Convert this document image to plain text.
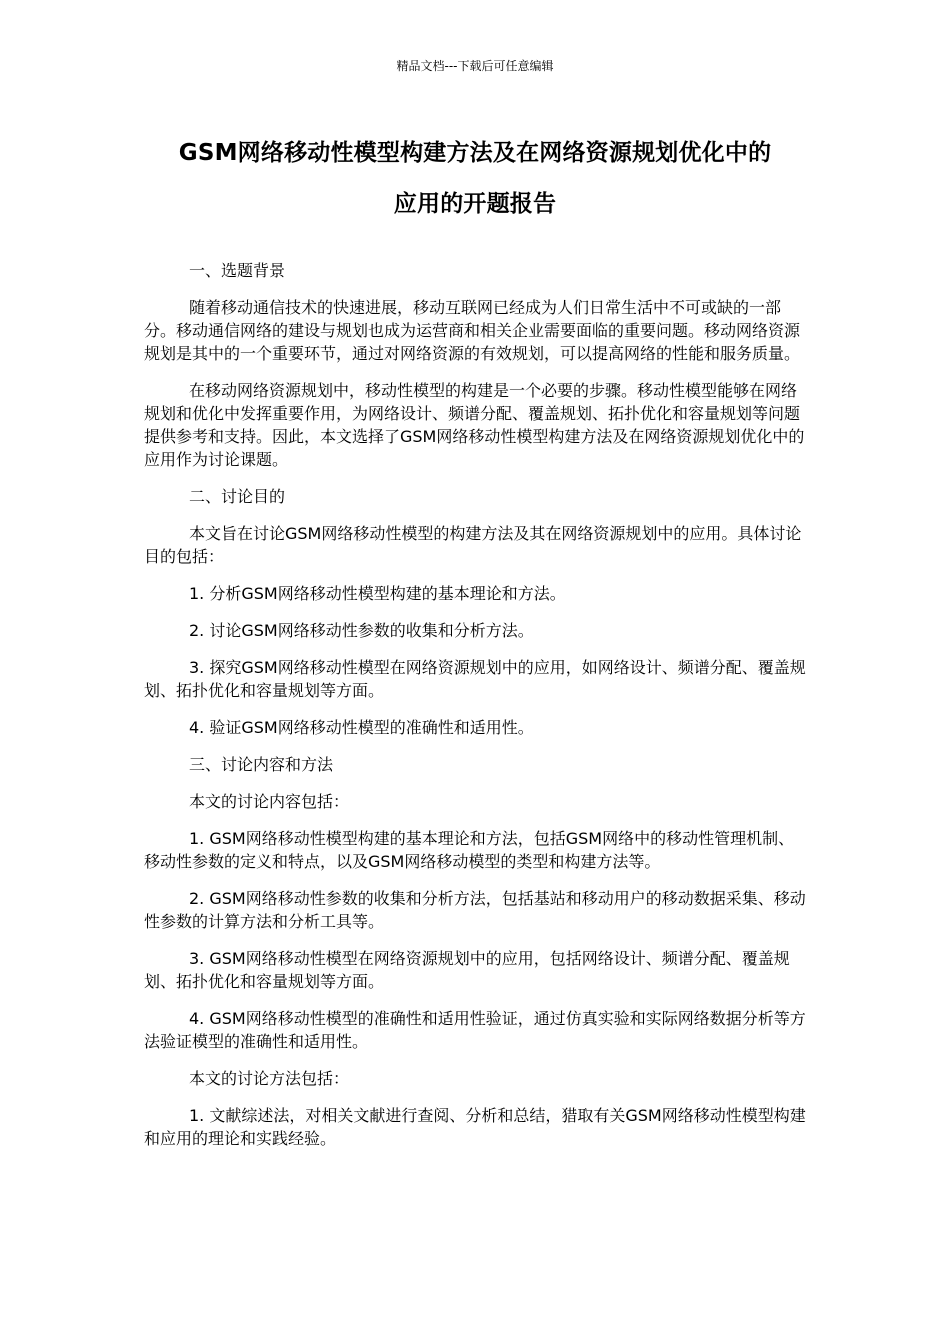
精品文档---下载后可任意编辑
GSM网络移动性模型构建方法及在网络资源规划优化中的
应用的开题报告

一、选题背景

随着移动通信技术的快速进展，移动互联网已经成为人们日常生活中不可或缺的一部分。移动通信网络的建设与规划也成为运营商和相关企业需要面临的重要问题。移动网络资源规划是其中的一个重要环节，通过对网络资源的有效规划，可以提高网络的性能和服务质量。

在移动网络资源规划中，移动性模型的构建是一个必要的步骤。移动性模型能够在网络规划和优化中发挥重要作用，为网络设计、频谱分配、覆盖规划、拓扑优化和容量规划等问题提供参考和支持。因此，本文选择了GSM网络移动性模型构建方法及在网络资源规划优化中的应用作为讨论课题。

二、讨论目的

本文旨在讨论GSM网络移动性模型的构建方法及其在网络资源规划中的应用。具体讨论目的包括：

1. 分析GSM网络移动性模型构建的基本理论和方法。

2. 讨论GSM网络移动性参数的收集和分析方法。

3. 探究GSM网络移动性模型在网络资源规划中的应用，如网络设计、频谱分配、覆盖规划、拓扑优化和容量规划等方面。

4. 验证GSM网络移动性模型的准确性和适用性。

三、讨论内容和方法

本文的讨论内容包括：

1. GSM网络移动性模型构建的基本理论和方法，包括GSM网络中的移动性管理机制、移动性参数的定义和特点，以及GSM网络移动模型的类型和构建方法等。

2. GSM网络移动性参数的收集和分析方法，包括基站和移动用户的移动数据采集、移动性参数的计算方法和分析工具等。

3. GSM网络移动性模型在网络资源规划中的应用，包括网络设计、频谱分配、覆盖规划、拓扑优化和容量规划等方面。

4. GSM网络移动性模型的准确性和适用性验证，通过仿真实验和实际网络数据分析等方法验证模型的准确性和适用性。

本文的讨论方法包括：

1. 文献综述法，对相关文献进行查阅、分析和总结，猎取有关GSM网络移动性模型构建和应用的理论和实践经验。
